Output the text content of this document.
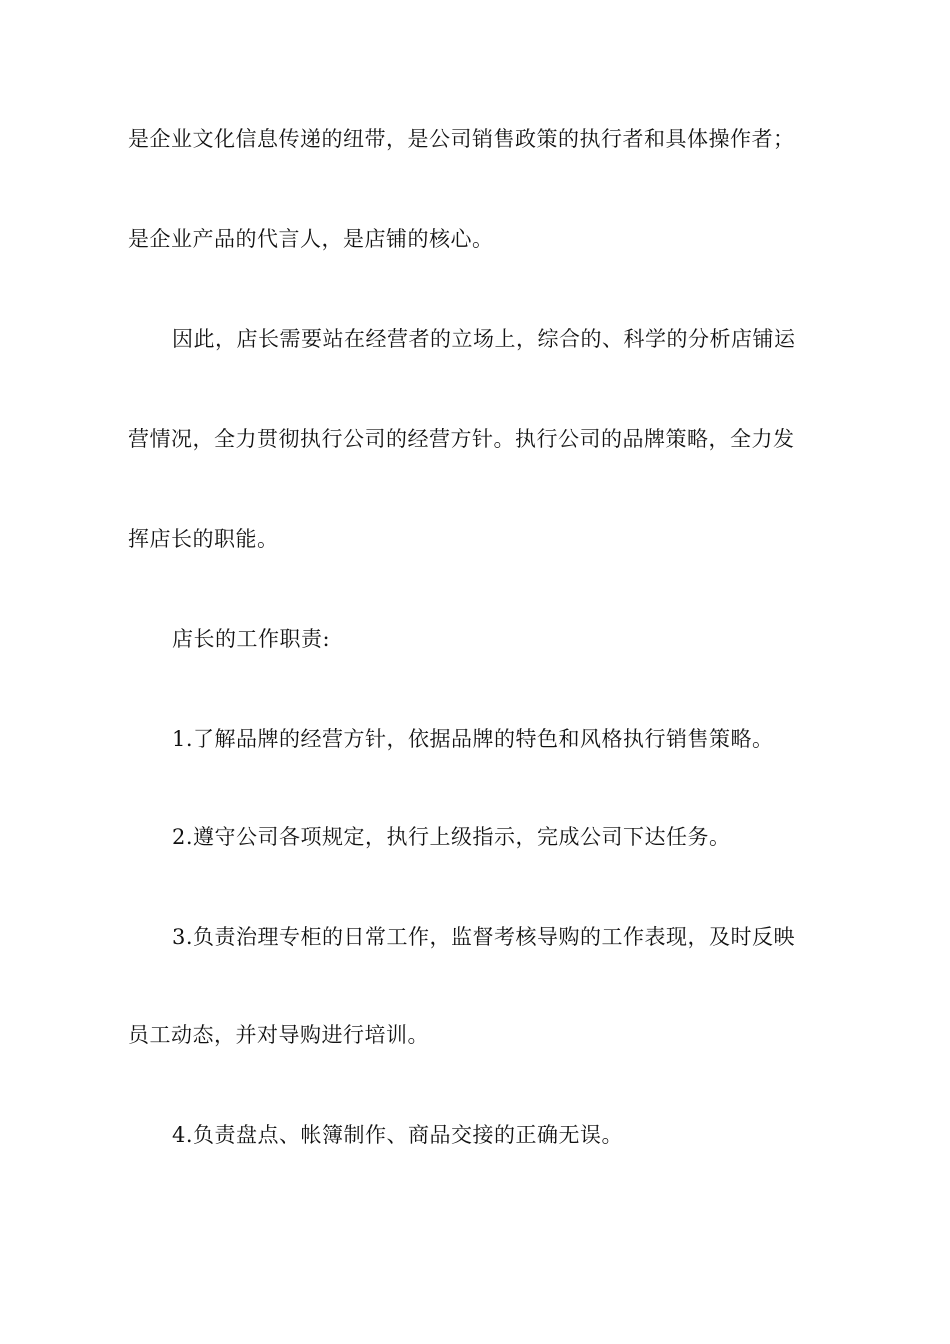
是企业文化信息传递的纽带，是公司销售政策的执行者和具体操作者；
是企业产品的代言人，是店铺的核心。
因此，店长需要站在经营者的立场上，综合的、科学的分析店铺运
营情况，全力贯彻执行公司的经营方针。执行公司的品牌策略，全力发
挥店长的职能。
店长的工作职责:
1.了解品牌的经营方针，依据品牌的特色和风格执行销售策略。
2.遵守公司各项规定，执行上级指示，完成公司下达任务。
3.负责治理专柜的日常工作，监督考核导购的工作表现，及时反映
员工动态，并对导购进行培训。
4.负责盘点、帐簿制作、商品交接的正确无误。
